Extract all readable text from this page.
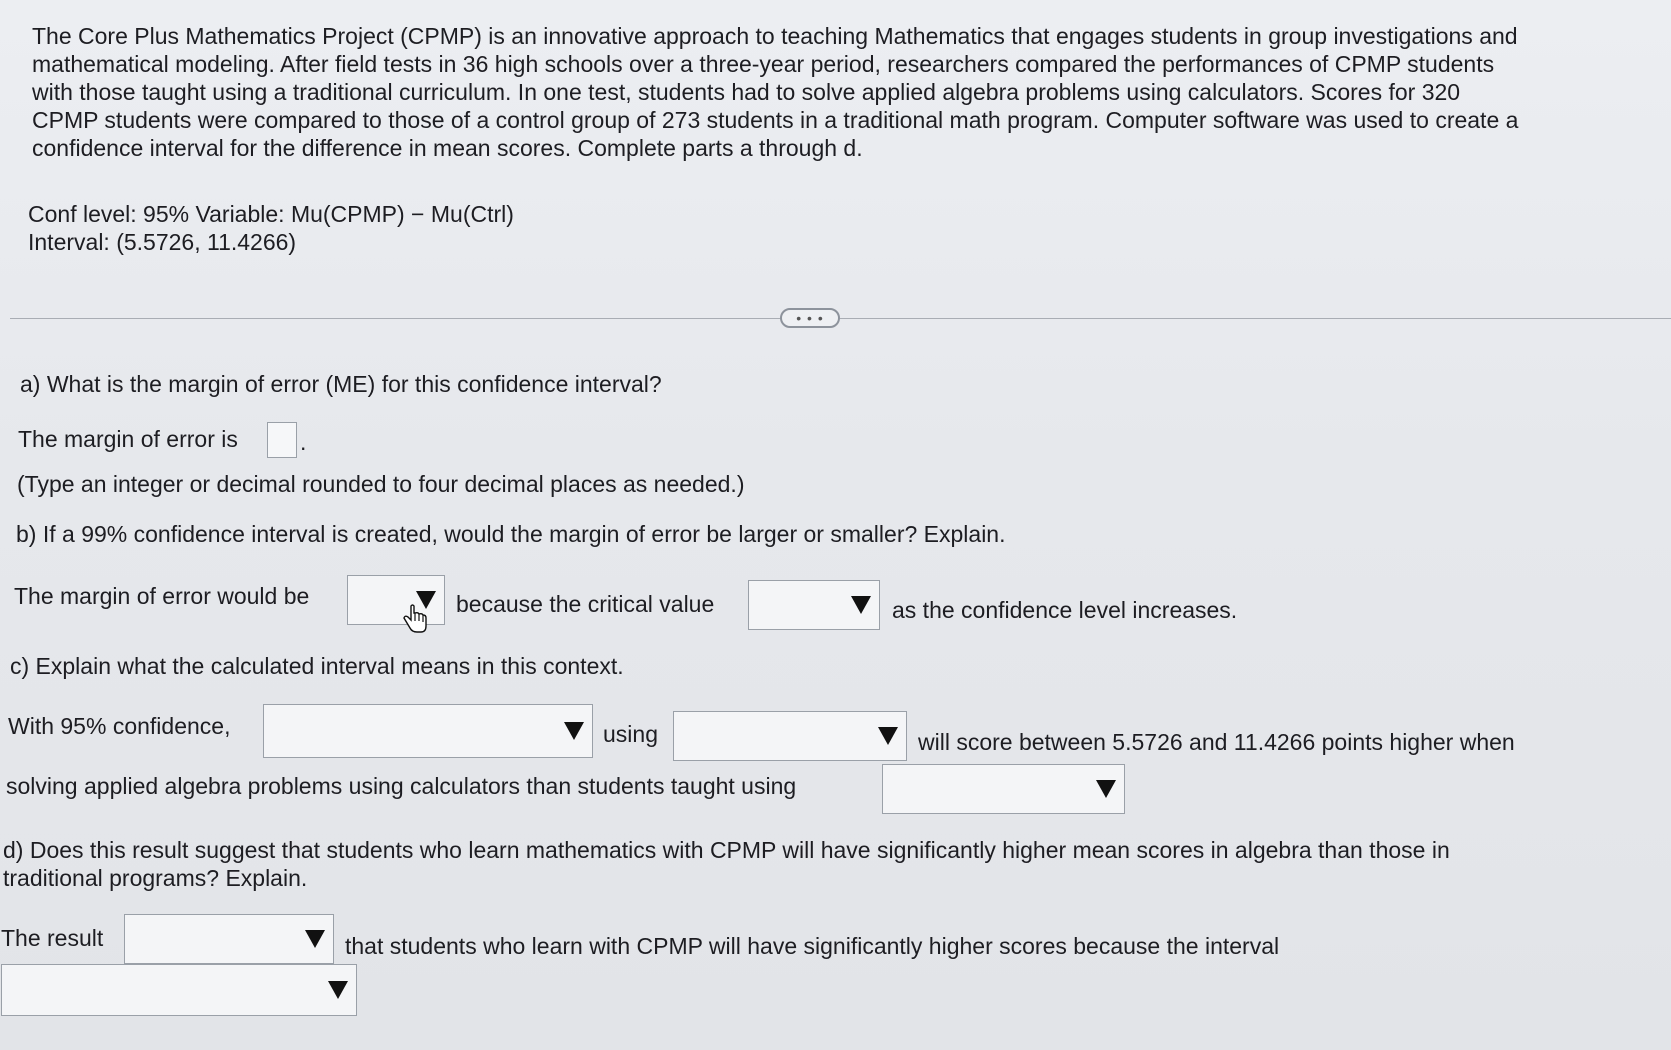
The Core Plus Mathematics Project (CPMP) is an innovative approach to teaching Mathematics that engages students in group investigations and
mathematical modeling. After field tests in 36 high schools over a three-year period, researchers compared the performances of CPMP students
with those taught using a traditional curriculum. In one test, students had to solve applied algebra problems using calculators. Scores for 320
CPMP students were compared to those of a control group of 273 students in a traditional math program. Computer software was used to create a
confidence interval for the difference in mean scores. Complete parts a through d.
Conf level: 95% Variable: Mu(CPMP) − Mu(Ctrl)
Interval: (5.5726, 11.4266)
• • •
a) What is the margin of error (ME) for this confidence interval?
The margin of error is	.
(Type an integer or decimal rounded to four decimal places as needed.)
b) If a 99% confidence interval is created, would the margin of error be larger or smaller? Explain.
The margin of error would be	because the critical value	as the confidence level increases.
c) Explain what the calculated interval means in this context.
With 95% confidence,	using	will score between 5.5726 and 11.4266 points higher when
solving applied algebra problems using calculators than students taught using
d) Does this result suggest that students who learn mathematics with CPMP will have significantly higher mean scores in algebra than those in
traditional programs? Explain.
The result	that students who learn with CPMP will have significantly higher scores because the interval
